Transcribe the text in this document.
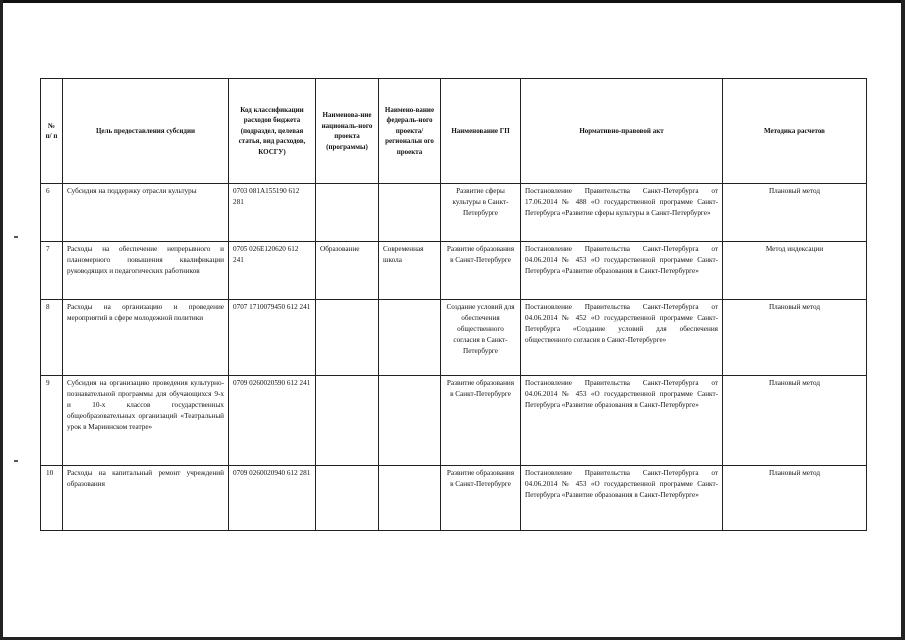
№ п/ п	Цель предоставления субсидии	Код классификации расходов бюджета (подраздел, целевая статья, вид расходов, КОСГУ)	Наименова-ние националь-ного проекта (программы)	Наимено-вание федераль-ного проекта/ региональн ого проекта	Наименование ГП	Нормативно-правовой акт	Методика расчетов
6	Субсидия на поддержку отрасли культуры	0703 081A155190 612 281			Развитие сферы культуры в Санкт-Петербурге	Постановление Правительства Санкт-Петербурга от 17.06.2014 № 488 «О государственной программе Санкт-Петербурга «Развитие сферы культуры в Санкт-Петербурге»	Плановый метод
7	Расходы на обеспечение непрерывного и планомерного повышения квалификации руководящих и педагогических работников	0705 026E120620 612 241	Образование	Современная школа	Развитие образования в Санкт-Петербурге	Постановление Правительства Санкт-Петербурга от 04.06.2014 № 453 «О государственной программе Санкт-Петербурга «Развитие образования в Санкт-Петербурге»	Метод индексации
8	Расходы на организацию и проведение мероприятий в сфере молодежной политики	0707 1710079450 612 241			Создание условий для обеспечения общественного согласия в Санкт-Петербурге	Постановление Правительства Санкт-Петербурга от 04.06.2014 № 452 «О государственной программе Санкт-Петербурга «Создание условий для обеспечения общественного согласия в Санкт-Петербурге»	Плановый метод
9	Субсидия на организацию проведения культурно-познавательной программы для обучающихся 9-х и 10-х классов государственных общеобразовательных организаций «Театральный урок в Мариинском театре»	0709 0260020590 612 241			Развитие образования в Санкт-Петербурге	Постановление Правительства Санкт-Петербурга от 04.06.2014 № 453 «О государственной программе Санкт-Петербурга «Развитие образования в Санкт-Петербурге»	Плановый метод
10	Расходы на капитальный ремонт учреждений образования	0709 0260020940 612 281			Развитие образования в Санкт-Петербурге	Постановление Правительства Санкт-Петербурга от 04.06.2014 № 453 «О государственной программе Санкт-Петербурга «Развитие образования в Санкт-Петербурге»	Плановый метод
